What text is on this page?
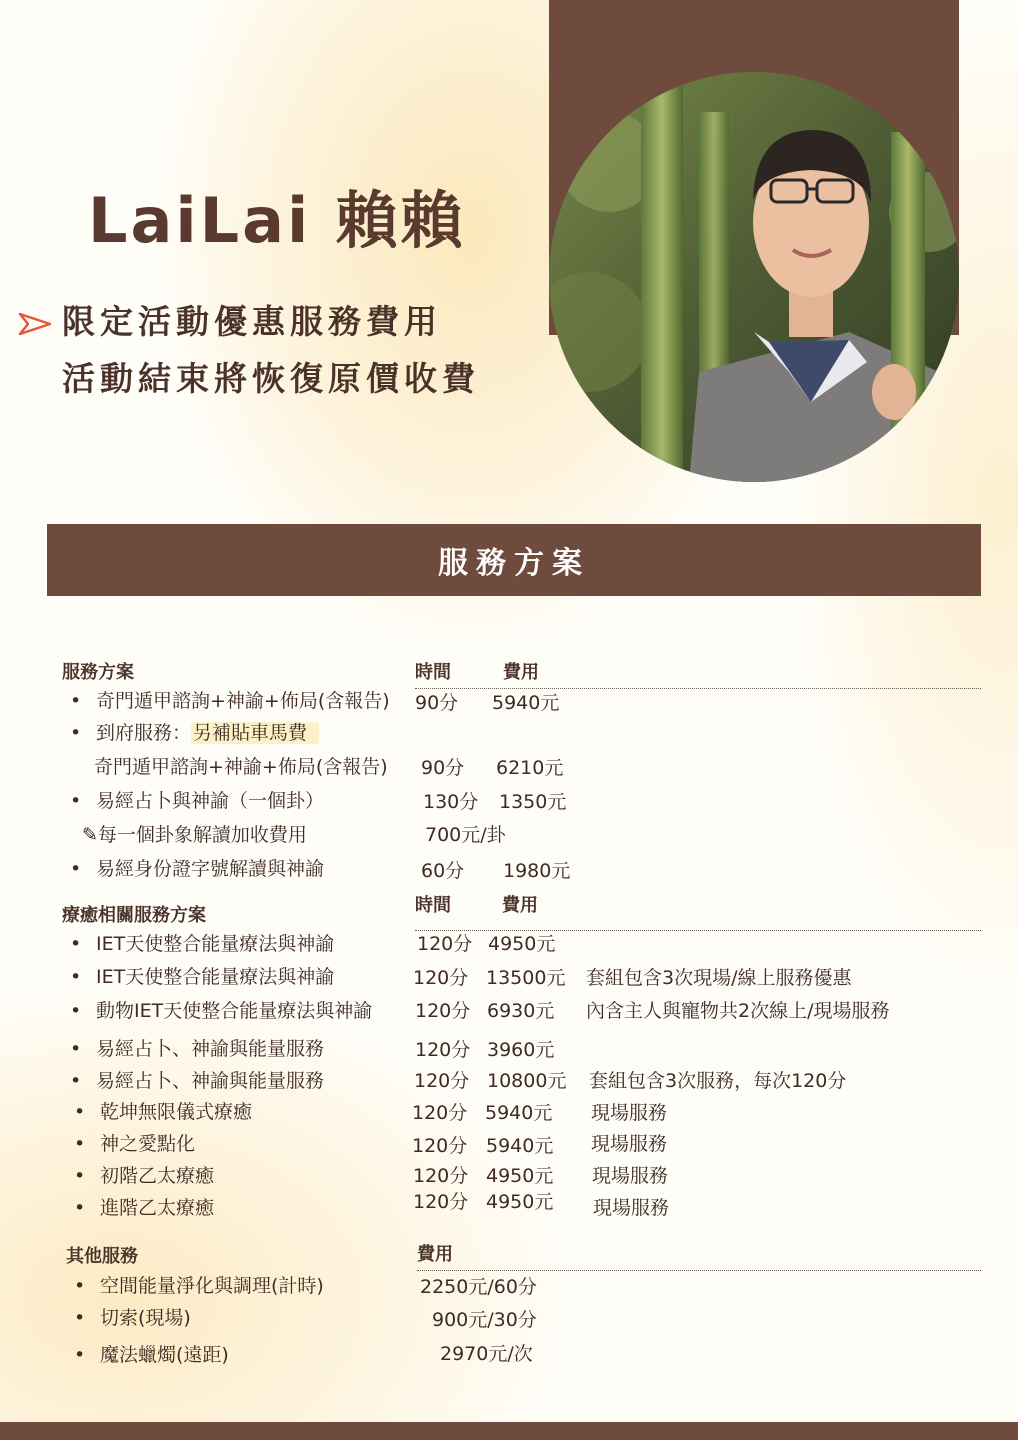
LaiLai 賴賴

限定活動優惠服務費用

活動結束將恢復原價收費

服務方案
服務方案	時間	費用
• 奇門遁甲諮詢+神諭+佈局(含報告) 90分 5940元
• 到府服務： 另補貼車馬費
奇門遁甲諮詢+神諭+佈局(含報告) 90分 6210元
• 易經占卜與神諭（一個卦）	130分 1350元
✎每一個卦象解讀加收費用	700元/卦
• 易經身份證字號解讀與神諭	60分 1980元
時間	費用
療癒相關服務方案
• IET天使整合能量療法與神諭	120分 4950元
• IET天使整合能量療法與神諭	120分 13500元 套組包含3次現場/線上服務優惠
• 動物IET天使整合能量療法與神諭 120分 6930元 內含主人與寵物共2次線上/現場服務
• 易經占卜、神諭與能量服務	120分 3960元
• 易經占卜、神諭與能量服務	120分 10800元 套組包含3次服務，每次120分
• 乾坤無限儀式療癒	120分 5940元 現場服務
• 神之愛點化	120分 5940元 現場服務
• 初階乙太療癒	120分 4950元 現場服務
• 進階乙太療癒	120分 4950元 現場服務
其他服務	費用
• 空間能量淨化與調理(計時)	2250元/60分
• 切索(現場)	900元/30分
• 魔法蠟燭(遠距)	2970元/次
